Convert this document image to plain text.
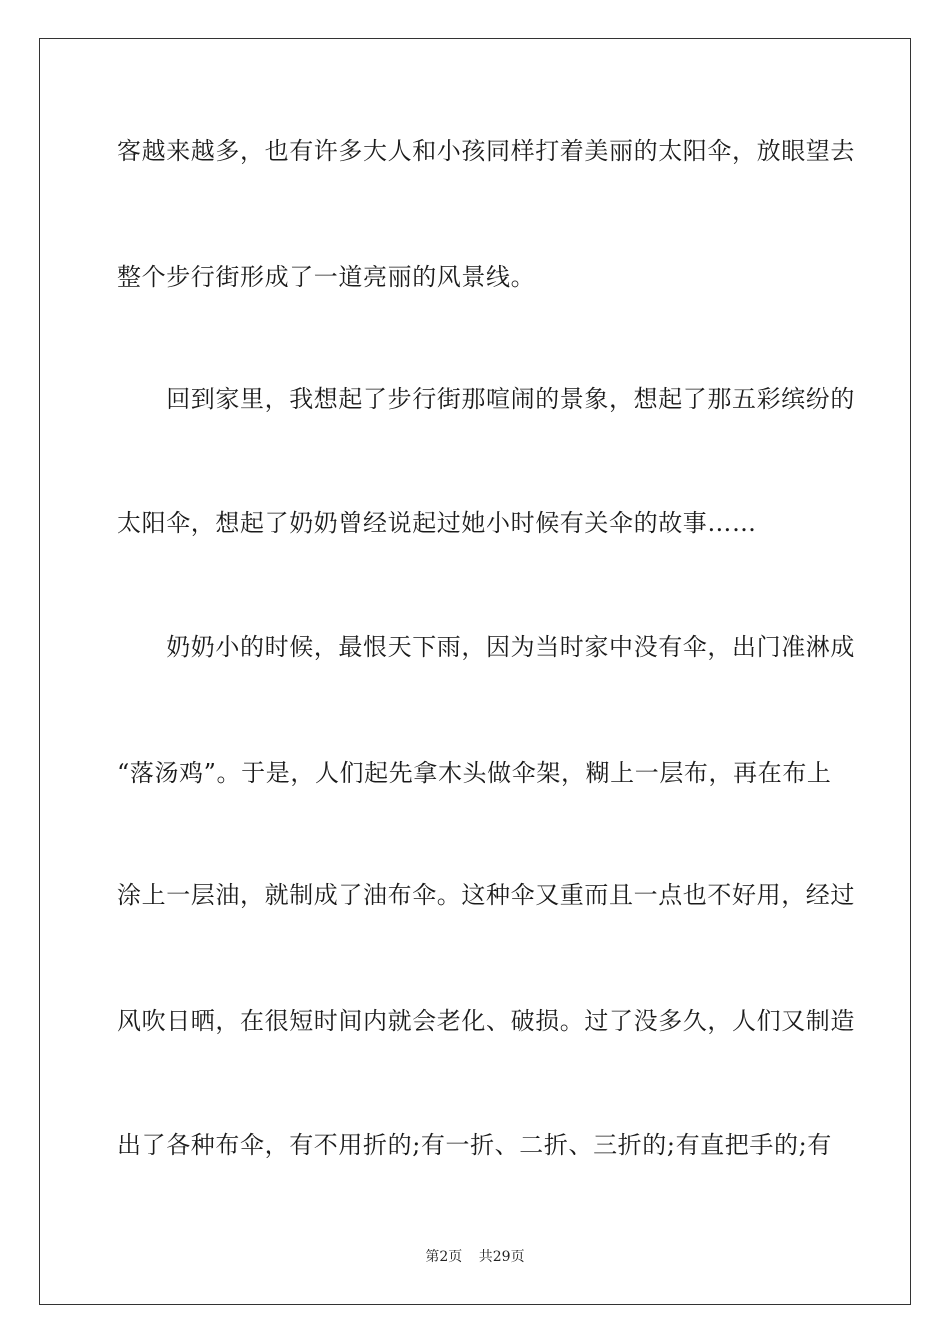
客越来越多，也有许多大人和小孩同样打着美丽的太阳伞，放眼望去
整个步行街形成了一道亮丽的风景线。
　　回到家里，我想起了步行街那喧闹的景象，想起了那五彩缤纷的
太阳伞，想起了奶奶曾经说起过她小时候有关伞的故事……
　　奶奶小的时候，最恨天下雨，因为当时家中没有伞，出门准淋成
“落汤鸡”。于是，人们起先拿木头做伞架，糊上一层布，再在布上
涂上一层油，就制成了油布伞。这种伞又重而且一点也不好用，经过
风吹日晒，在很短时间内就会老化、破损。过了没多久，人们又制造
出了各种布伞，有不用折的;有一折、二折、三折的;有直把手的;有
第2页 共29页
